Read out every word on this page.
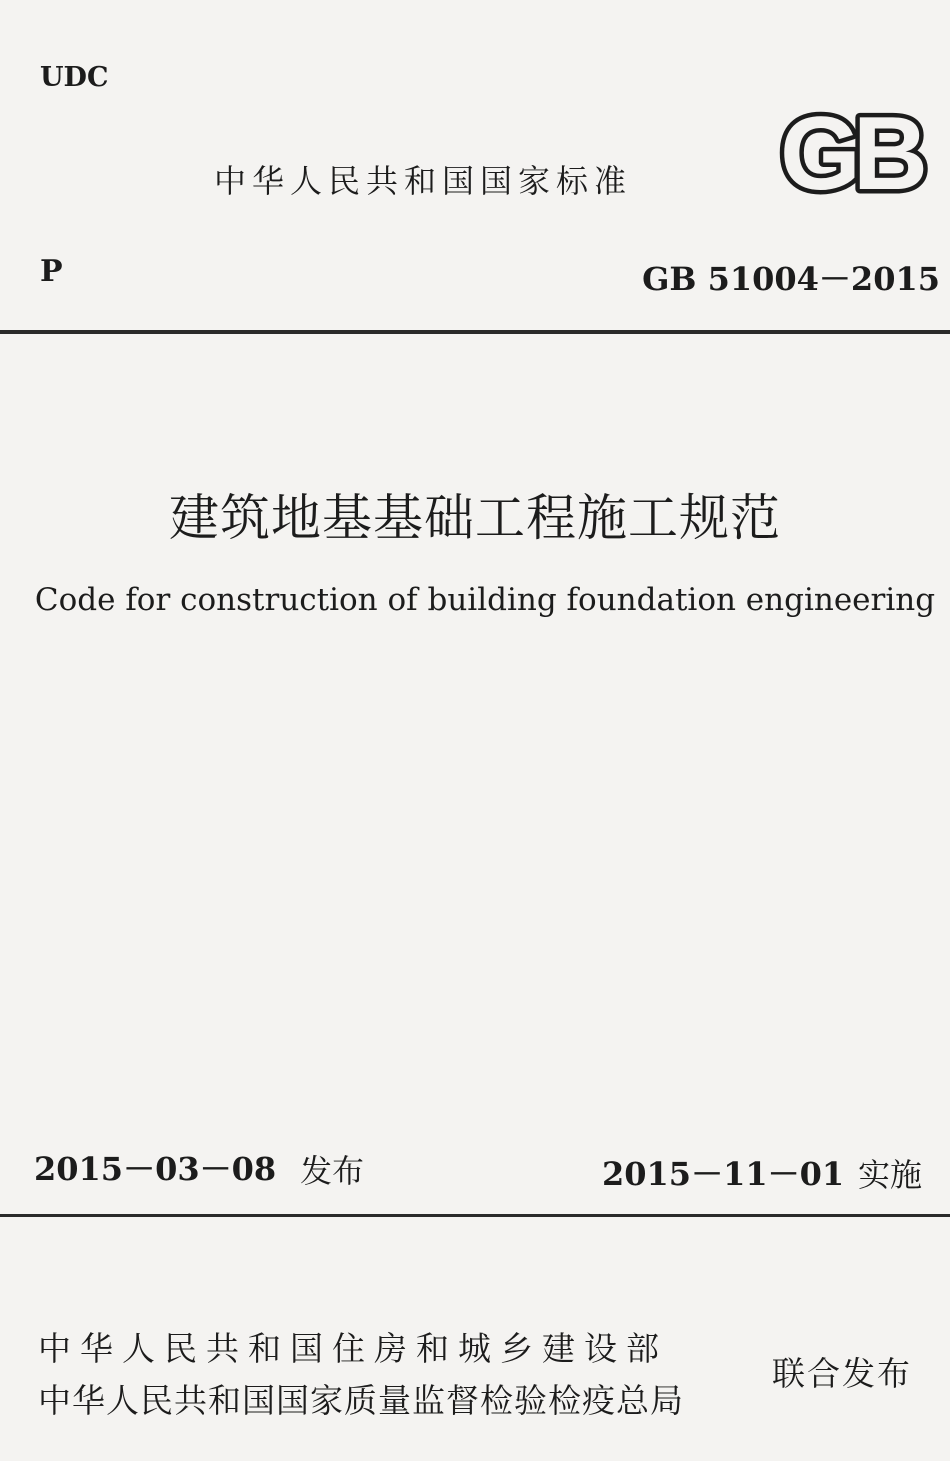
UDC
中华人民共和国国家标准 GB
P	GB 51004－2015
建筑地基基础工程施工规范
Code for construction of building foundation engineering
2015－03－08 发布	2015－11－01 实施
中华人民共和国住房和城乡建设部
中华人民共和国国家质量监督检验检疫总局
联合发布
